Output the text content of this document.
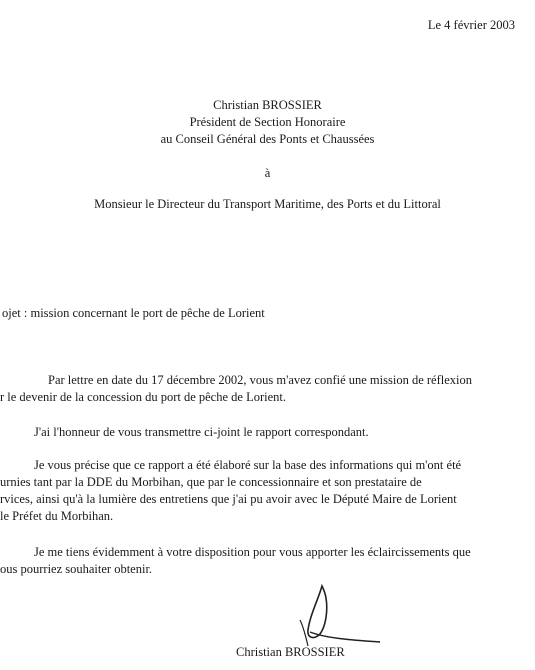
Le 4 février 2003
Christian BROSSIER
Président de Section Honoraire
au Conseil Général des Ponts et Chaussées
à
Monsieur le Directeur du Transport Maritime, des Ports et du Littoral
ojet : mission concernant le port de pêche de Lorient
Par lettre en date du 17 décembre 2002, vous m'avez confié une mission de réflexion
r le devenir de la concession du port de pêche de Lorient.
J'ai l'honneur de vous transmettre ci-joint le rapport correspondant.
Je vous précise que ce rapport a été élaboré sur la base des informations qui m'ont été
urnies tant par la DDE du Morbihan, que par le concessionnaire et son prestataire de
rvices, ainsi qu'à la lumière des entretiens que j'ai pu avoir avec le Député Maire de Lorient
le Préfet du Morbihan.
Je me tiens évidemment à votre disposition pour vous apporter les éclaircissements que
ous pourriez souhaiter obtenir.
Christian BROSSIER
